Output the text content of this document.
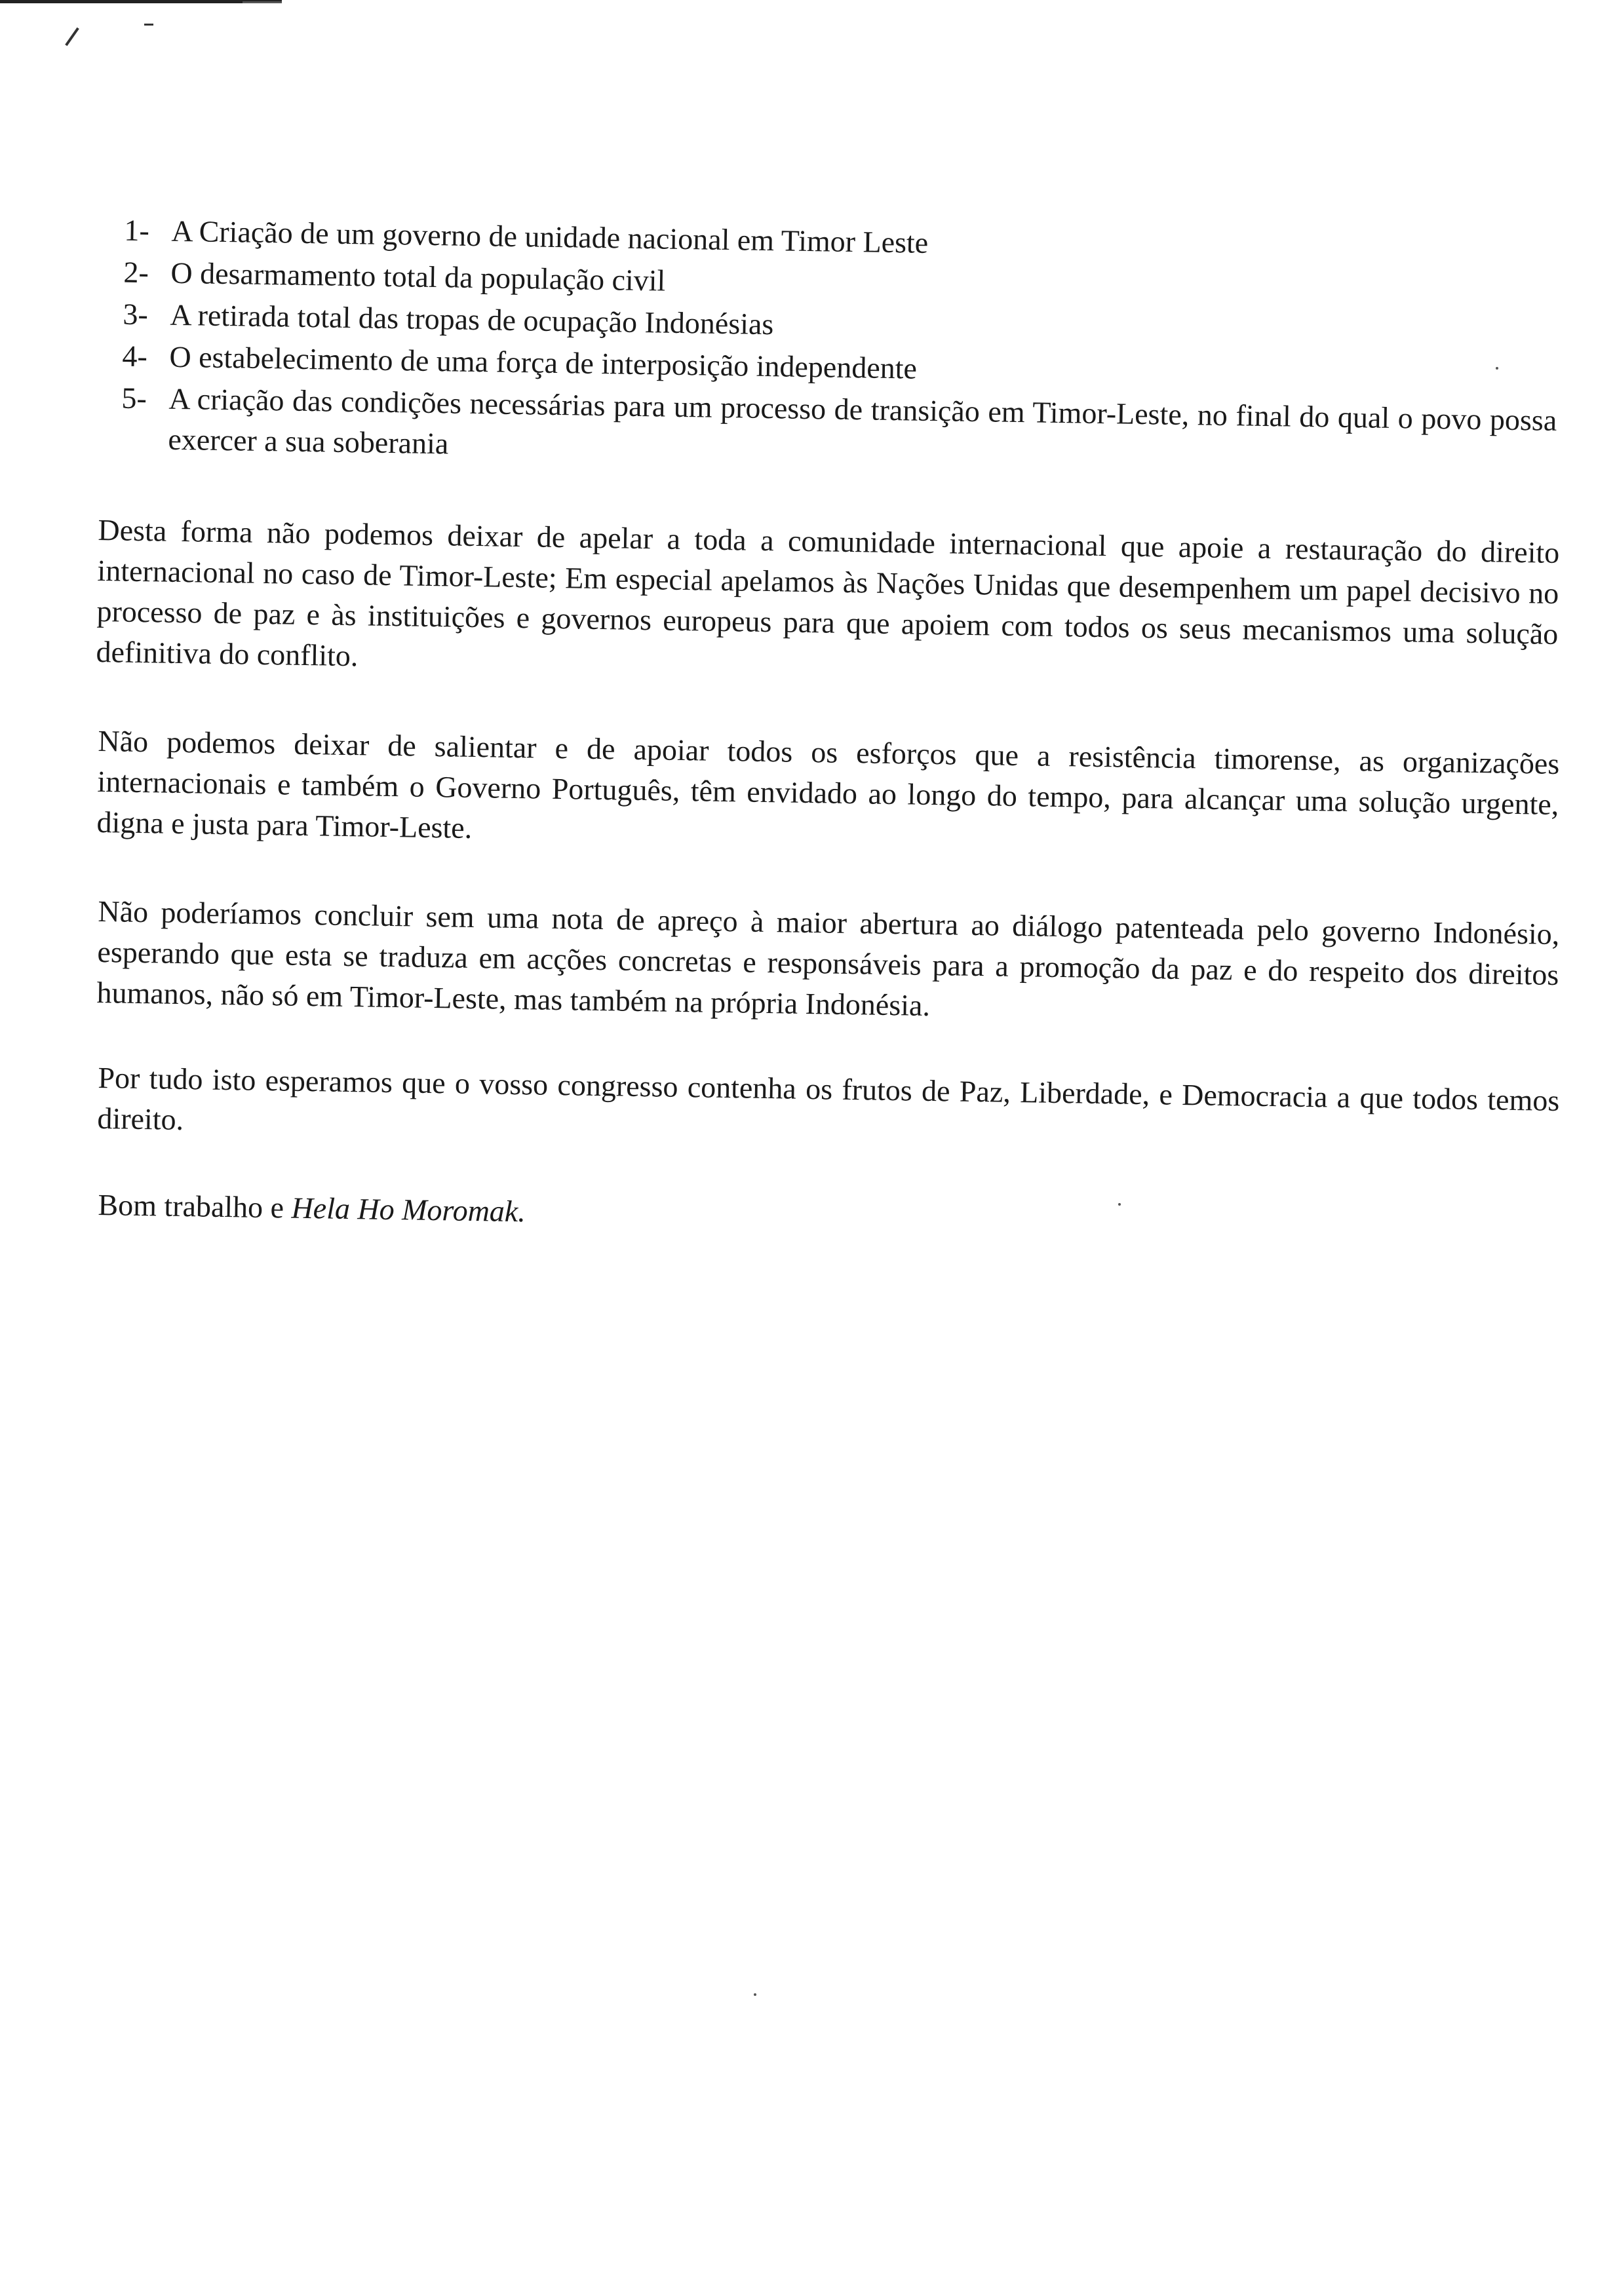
1- A Criação de um governo de unidade nacional em Timor Leste
2- O desarmamento total da população civil
3- A retirada total das tropas de ocupação Indonésias
4- O estabelecimento de uma força de interposição independente
5- A criação das condições necessárias para um processo de transição em Timor-Leste, no final do qual o povo possa exercer a sua soberania

Desta forma não podemos deixar de apelar a toda a comunidade internacional que apoie a restauração do direito internacional no caso de Timor-Leste; Em especial apelamos às Nações Unidas que desempenhem um papel decisivo no processo de paz e às instituições e governos europeus para que apoiem com todos os seus mecanismos uma solução definitiva do conflito.

Não podemos deixar de salientar e de apoiar todos os esforços que a resistência timorense, as organizações internacionais e também o Governo Português, têm envidado ao longo do tempo, para alcançar uma solução urgente, digna e justa para Timor-Leste.

Não poderíamos concluir sem uma nota de apreço à maior abertura ao diálogo patenteada pelo governo Indonésio, esperando que esta se traduza em acções concretas e responsáveis para a promoção da paz e do respeito dos direitos humanos, não só em Timor-Leste, mas também na própria Indonésia.

Por tudo isto esperamos que o vosso congresso contenha os frutos de Paz, Liberdade, e Democracia a que todos temos direito.

Bom trabalho e Hela Ho Moromak.
